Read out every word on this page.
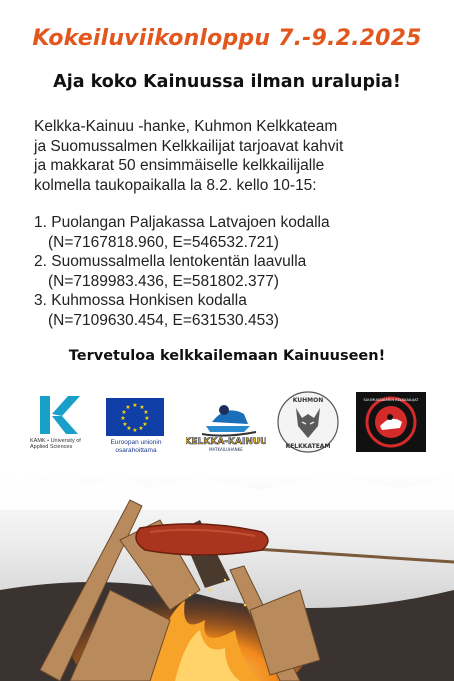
Kokeiluviikonloppu 7.-9.2.2025
Aja koko Kainuussa ilman uralupia!
Kelkka-Kainuu -hanke, Kuhmon Kelkkateam
ja Suomussalmen Kelkkailijat tarjoavat kahvit
ja makkarat 50 ensimmäiselle kelkkailijalle
kolmella taukopaikalla la 8.2. kello 10-15:
1. Puolangan Paljakassa Latvajoen kodalla
(N=7167818.960, E=546532.721)
2. Suomussalmella lentokentän laavulla
(N=7189983.436, E=581802.377)
3. Kuhmossa Honkisen kodalla
(N=7109630.454, E=631530.453)
Tervetuloa kelkkailemaan Kainuuseen!
KAMK • University of Applied Sciences
★ ★
★
★
★
★
★
★
★
★
★
★
Euroopan unionin
osarahoittama
KELKKA-KAINUU
MATKAILUHANKE
KUHMON
KELKKATEAM
SUOMUSSALMEN KELKKAILIJAT
